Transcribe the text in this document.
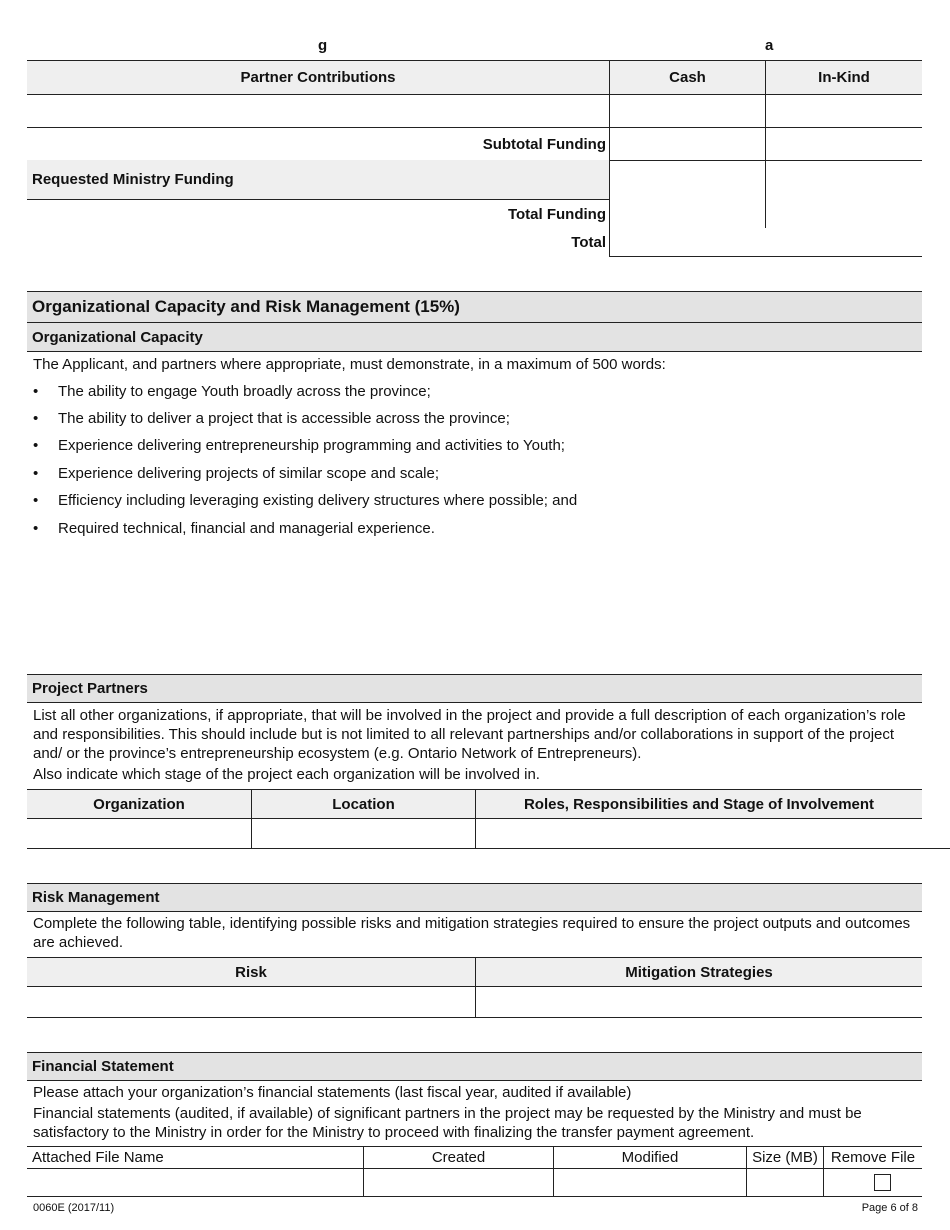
g	a
Partner Contributions	Cash	In-Kind
Subtotal Funding
Requested Ministry Funding
Total Funding
Total
Organizational Capacity and Risk Management (15%)
Organizational Capacity
The Applicant, and partners where appropriate, must demonstrate, in a maximum of 500 words:
• The ability to engage Youth broadly across the province;
• The ability to deliver a project that is accessible across the province;
• Experience delivering entrepreneurship programming and activities to Youth;
• Experience delivering projects of similar scope and scale;
• Efficiency including leveraging existing delivery structures where possible; and
• Required technical, financial and managerial experience.
Project Partners
List all other organizations, if appropriate, that will be involved in the project and provide a full description of each organization’s role and responsibilities. This should include but is not limited to all relevant partnerships and/or collaborations in support of the project and/ or the province’s entrepreneurship ecosystem (e.g. Ontario Network of Entrepreneurs).
Also indicate which stage of the project each organization will be involved in.
Organization	Location	Roles, Responsibilities and Stage of Involvement
Risk Management
Complete the following table, identifying possible risks and mitigation strategies required to ensure the project outputs and outcomes are achieved.
Risk	Mitigation Strategies
Financial Statement
Please attach your organization’s financial statements (last fiscal year, audited if available)
Financial statements (audited, if available) of significant partners in the project may be requested by the Ministry and must be satisfactory to the Ministry in order for the Ministry to proceed with finalizing the transfer payment agreement.
Attached File Name	Created	Modified	Size (MB) Remove File
0060E (2017/11)	Page 6 of 8
